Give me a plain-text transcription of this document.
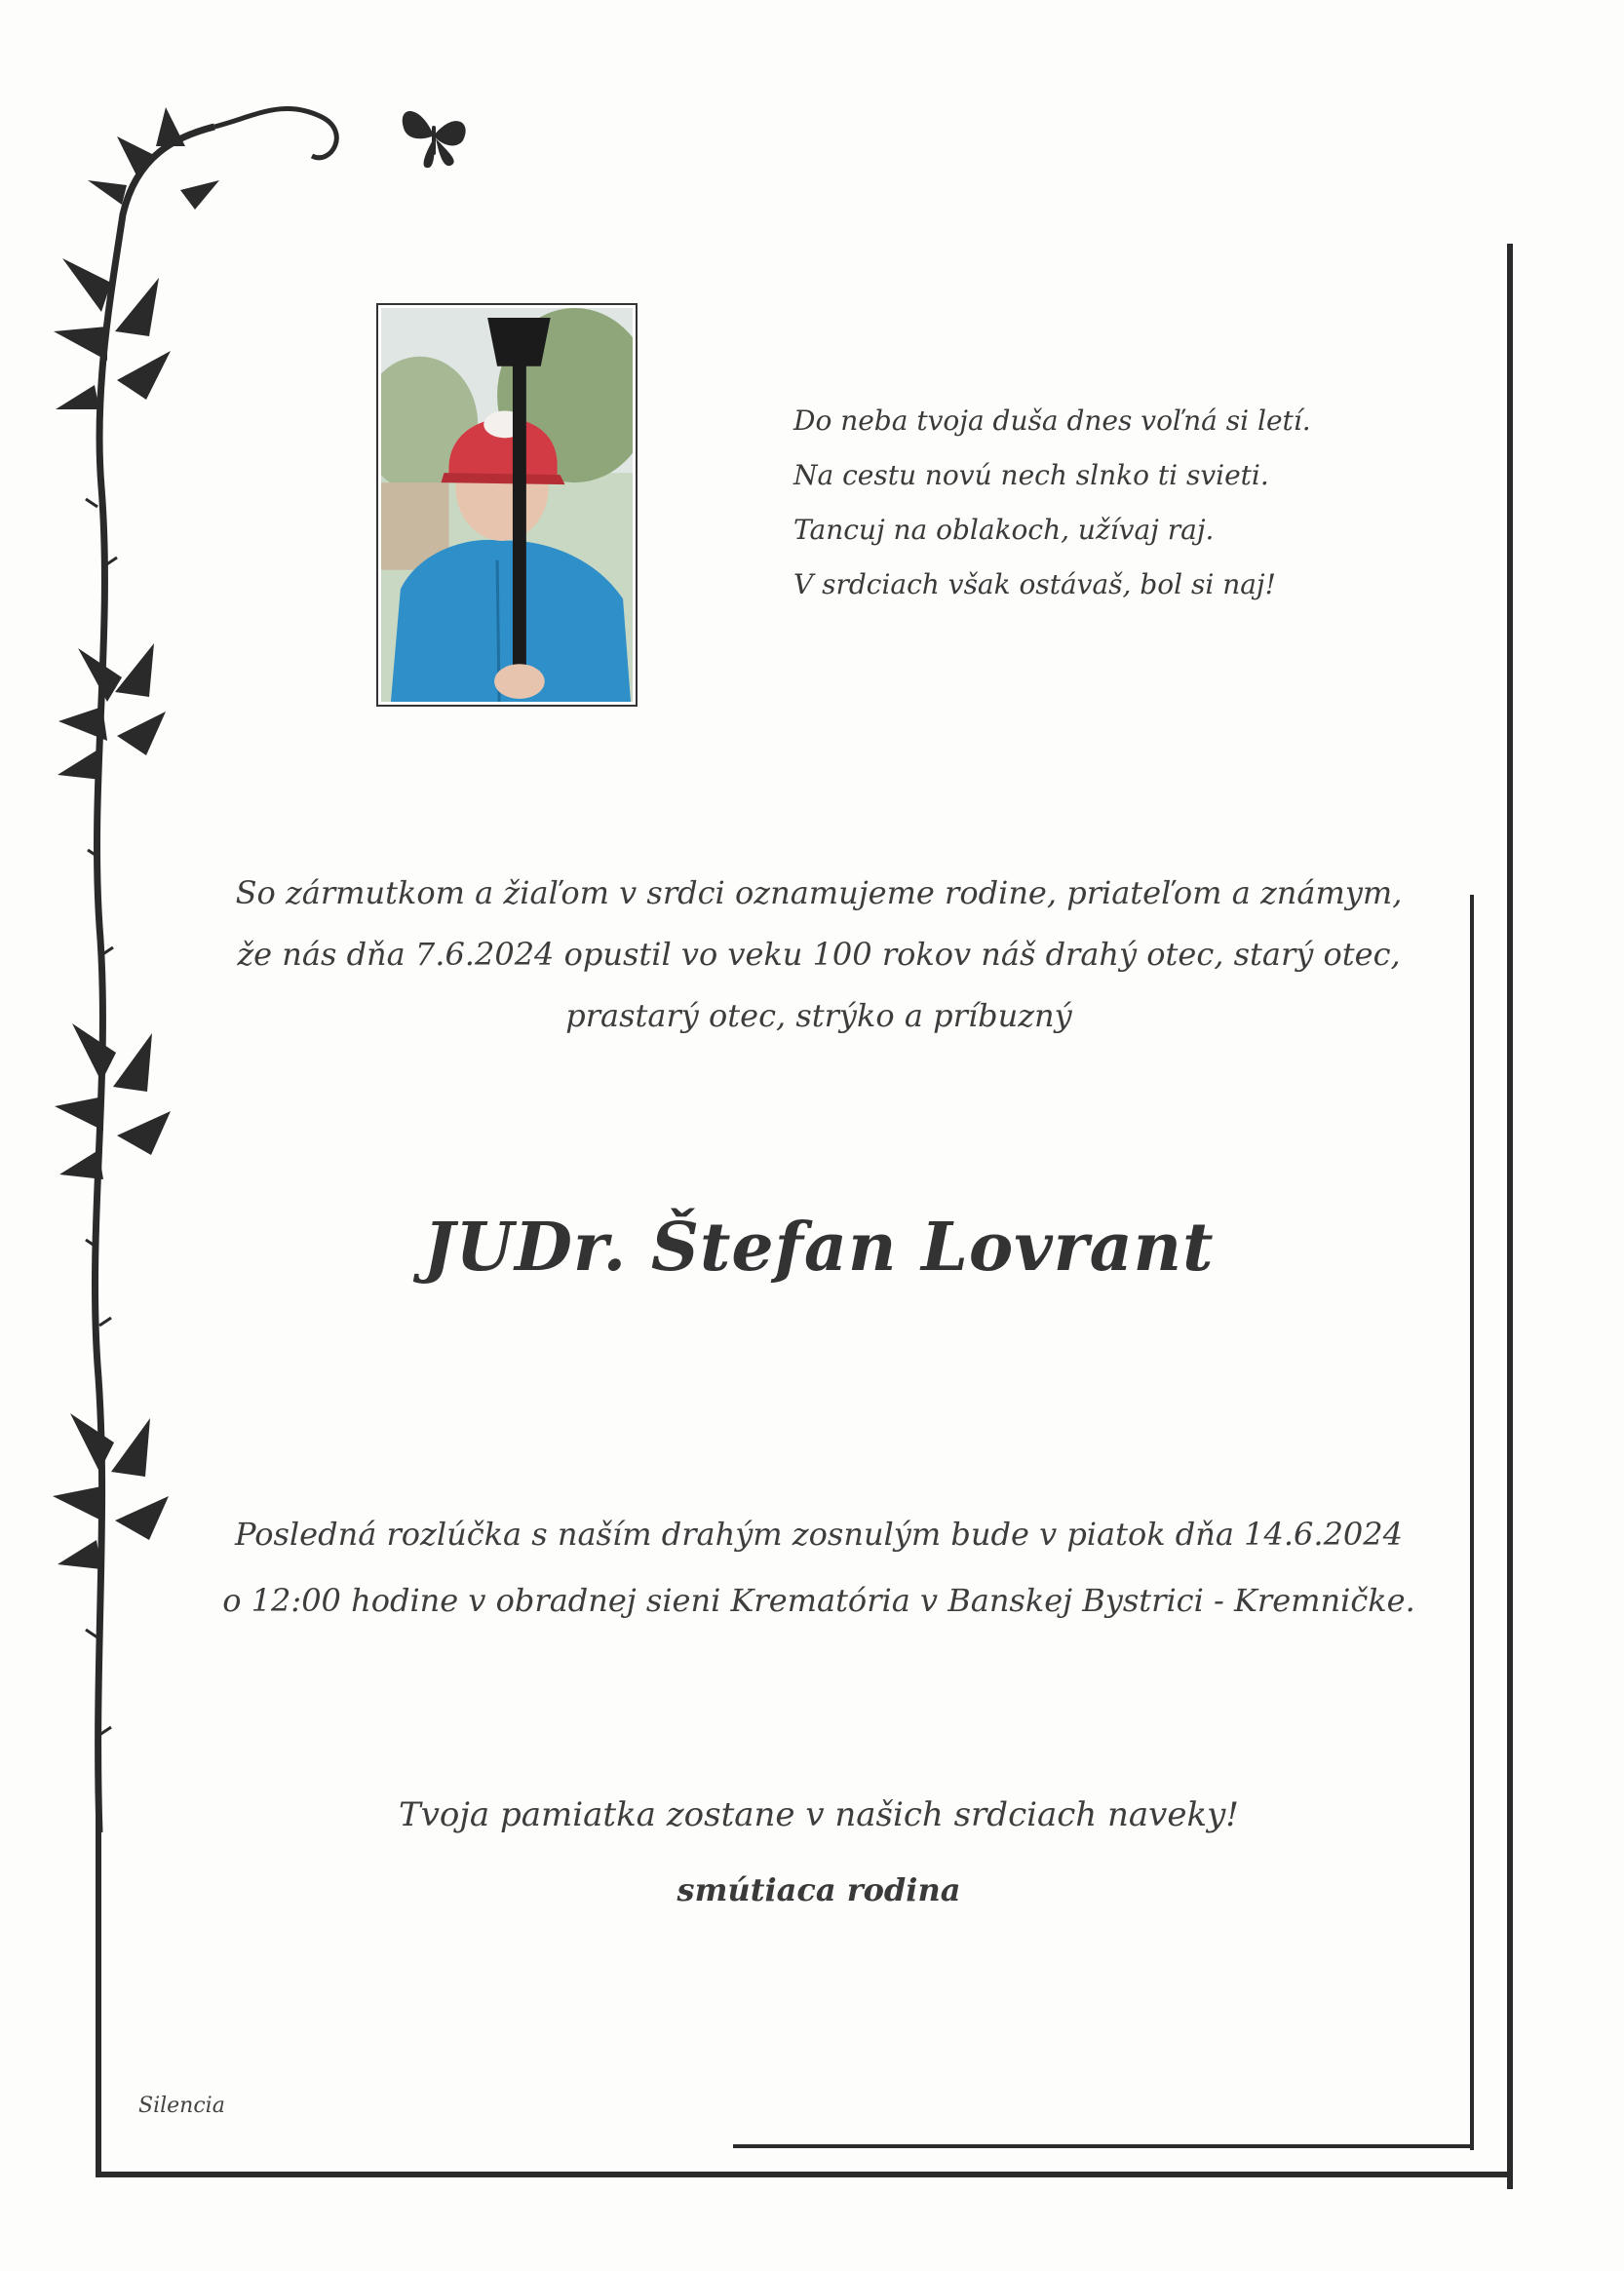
Do neba tvoja duša dnes voľná si letí.
Na cestu novú nech slnko ti svieti.
Tancuj na oblakoch, užívaj raj.
V srdciach však ostávaš, bol si naj!
So zármutkom a žiaľom v srdci oznamujeme rodine, priateľom a známym,
že nás dňa 7.6.2024 opustil vo veku 100 rokov náš drahý otec, starý otec,
prastarý otec, strýko a príbuzný
JUDr. Štefan Lovrant
Posledná rozlúčka s naším drahým zosnulým bude v piatok dňa 14.6.2024
o 12:00 hodine v obradnej sieni Krematória v Banskej Bystrici - Kremničke.
Tvoja pamiatka zostane v našich srdciach naveky!
smútiaca rodina
Silencia
